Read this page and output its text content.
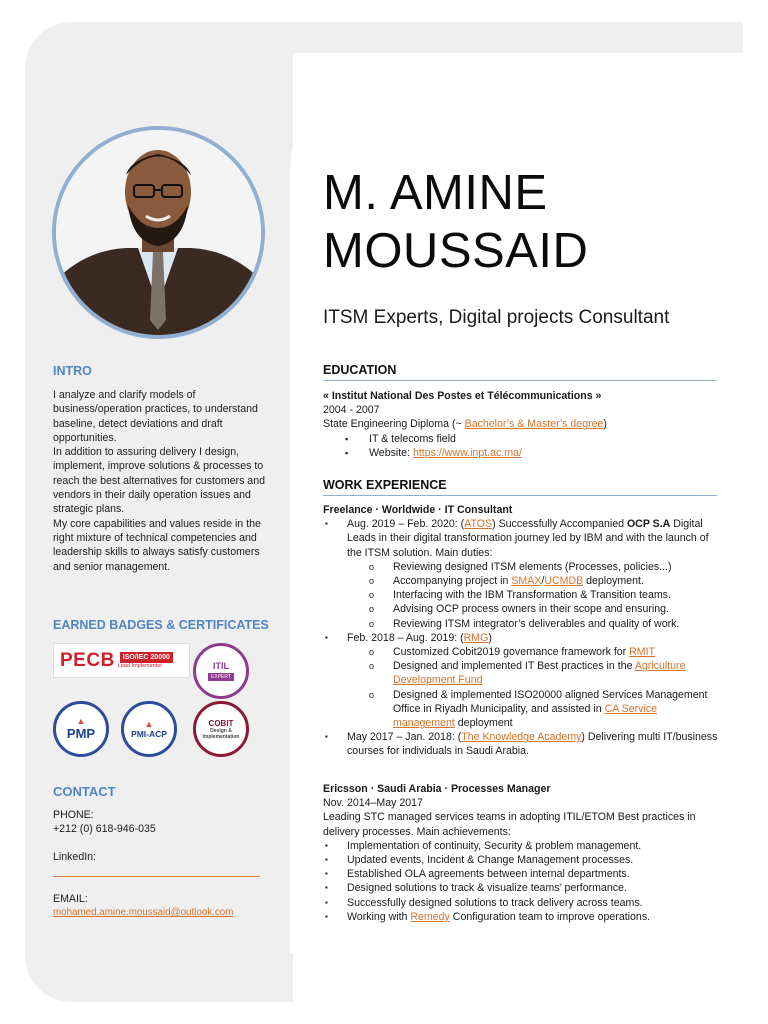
INTRO

I analyze and clarify models of business/operation practices, to understand baseline, detect deviations and draft opportunities.

In addition to assuring delivery I design, implement, improve solutions & processes to reach the best alternatives for customers and vendors in their daily operation issues and strategic plans.

My core capabilities and values reside in the right mixture of technical competencies and leadership skills to always satisfy customers and senior management.

EARNED BADGES & CERTIFICATES
PECB	ISO/IEC 20000
Lead Implementer	ITIL
EXPERT
▲
PMP
▲
PMI-ACP
COBIT
Design & Implementation
CONTACT
PHONE:
+212 (0) 618-946-035
LinkedIn:
EMAIL:
mohamed.amine.moussaid@outlook.com
M. AMINE
MOUSSAID
ITSM Experts, Digital projects Consultant
EDUCATION
« Institut National Des Postes et Télécommunications »
2004 - 2007
State Engineering Diploma (~ Bachelor’s & Master’s degree)
▪ IT & telecoms field
▪ Website: https://www.inpt.ac.ma/
WORK EXPERIENCE
Freelance · Worldwide · IT Consultant
▪ Aug. 2019 – Feb. 2020: (ATOS) Successfully Accompanied OCP S.A Digital Leads in their digital transformation journey led by IBM and with the launch of the ITSM solution. Main duties:
o Reviewing designed ITSM elements (Processes, policies...)
o Accompanying project in SMAX/UCMDB deployment.
o Interfacing with the IBM Transformation & Transition teams.
o Advising OCP process owners in their scope and ensuring.
o Reviewing ITSM integrator’s deliverables and quality of work.
▪ Feb. 2018 – Aug. 2019: (RMG)
o Customized Cobit2019 governance framework for RMIT
o Designed and implemented IT Best practices in the Agriculture Development Fund
o Designed & implemented ISO20000 aligned Services Management Office in Riyadh Municipality, and assisted in CA Service management deployment
▪ May 2017 – Jan. 2018: (The Knowledge Academy) Delivering multi IT/business courses for individuals in Saudi Arabia.
Ericsson · Saudi Arabia · Processes Manager
Nov. 2014–May 2017
Leading STC managed services teams in adopting ITIL/ETOM Best practices in delivery processes. Main achievements:
▪ Implementation of continuity, Security & problem management.
▪ Updated events, Incident & Change Management processes.
▪ Established OLA agreements between internal departments.
▪ Designed solutions to track & visualize teams’ performance.
▪ Successfully designed solutions to track delivery across teams.
▪ Working with Remedy Configuration team to improve operations.
